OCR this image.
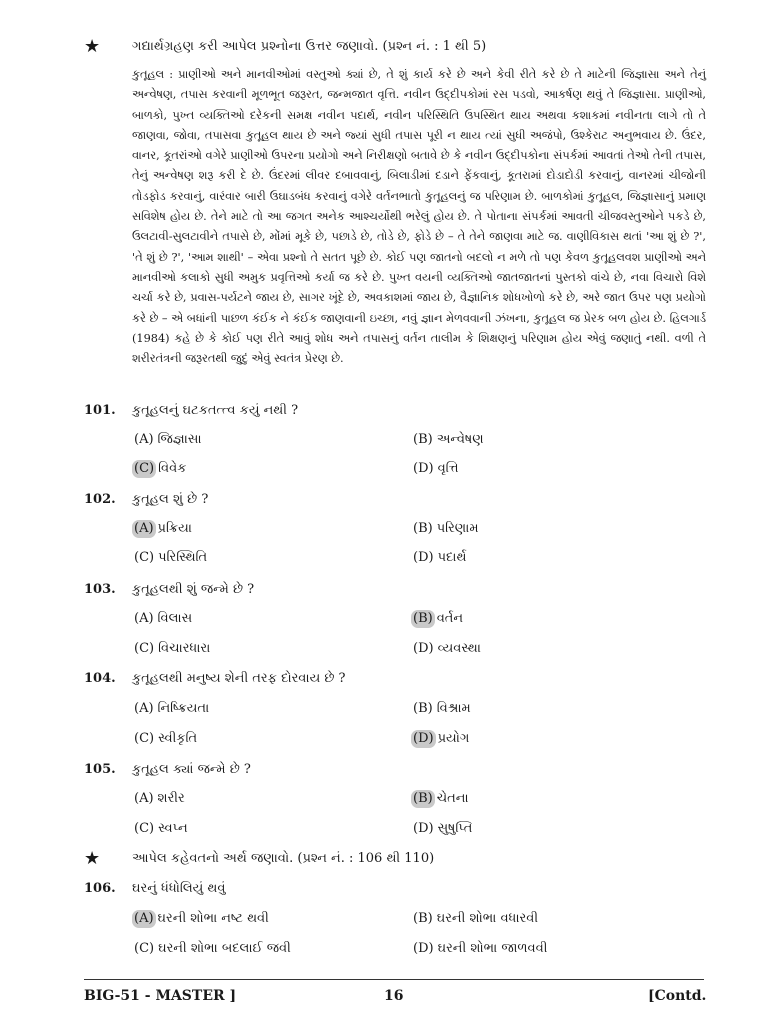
★ ગદ્યાર્થગ્રહણ કરી આપેલ પ્રશ્નોના ઉત્તર જણાવો. (પ્રશ્ન નં. : 1 થી 5)
કુતૂહલ : પ્રાણીઓ અને માનવીઓમાં વસ્તુઓ ક્યાં છે, તે શું કાર્ય કરે છે અને કેવી રીતે કરે છે તે માટેની જિજ્ઞાસા અને તેનું અન્વેષણ, તપાસ કરવાની મૂળભૂત જરૂરત, જન્મજાત વૃત્તિ. નવીન ઉદ્દીપકોમાં રસ પડવો, આકર્ષણ થવું તે જિજ્ઞાસા. પ્રાણીઓ, બાળકો, પુખ્ત વ્યક્તિઓ દરેકની સમક્ષ નવીન પદાર્થ, નવીન પરિસ્થિતિ ઉપસ્થિત થાય અથવા કશાકમાં નવીનતા લાગે તો તે જાણવા, જોવા, તપાસવા કુતૂહલ થાય છે અને જ્યાં સુધી તપાસ પૂરી ન થાય ત્યાં સુધી અજંપો, ઉશ્કેરાટ અનુભવાય છે. ઉંદર, વાનર, કૂતરાંઓ વગેરે પ્રાણીઓ ઉપરના પ્રયોગો અને નિરીક્ષણો બતાવે છે કે નવીન ઉદ્દીપકોના સંપર્કમાં આવતાં તેઓ તેની તપાસ, તેનું અન્વેષણ શરૂ કરી દે છે. ઉંદરમાં લીવર દબાવવાનું, બિલાડીમાં દડાને ફેંકવાનું, કૂતરામાં દોડાદોડી કરવાનું, વાનરમાં ચીજોની તોડફોડ કરવાનું, વારંવાર બારી ઉઘાડબંધ કરવાનું વગેરે વર્તનભાતો કુતૂહલનું જ પરિણામ છે. બાળકોમાં કુતૂહલ, જિજ્ઞાસાનું પ્રમાણ સવિશેષ હોય છે. તેને માટે તો આ જગત અનેક આશ્ચર્યોથી ભરેલું હોય છે. તે પોતાના સંપર્કમાં આવતી ચીજવસ્તુઓને પકડે છે, ઉલટાવી-સુલટાવીને તપાસે છે, મોંમાં મૂકે છે, પછાડે છે, તોડે છે, ફોડે છે – તે તેને જાણવા માટે જ. વાણીવિકાસ થતાં 'આ શું છે ?', 'તે શું છે ?', 'આમ શાથી' – એવા પ્રશ્નો તે સતત પૂછે છે. કોઈ પણ જાતનો બદલો ન મળે તો પણ કેવળ કુતૂહલવશ પ્રાણીઓ અને માનવીઓ કલાકો સુધી અમુક પ્રવૃત્તિઓ કર્યા જ કરે છે. પુખ્ત વયની વ્યક્તિઓ જાતજાતનાં પુસ્તકો વાંચે છે, નવા વિચારો વિશે ચર્ચા કરે છે, પ્રવાસ-પર્યટને જાય છે, સાગર ખૂંદે છે, અવકાશમાં જાય છે, વૈજ્ઞાનિક શોધખોળો કરે છે, અરે જાત ઉપર પણ પ્રયોગો કરે છે – એ બધાંની પાછળ કંઈક ને કંઈક જાણવાની ઇચ્છા, નવું જ્ઞાન મેળવવાની ઝંખના, કુતૂહલ જ પ્રેરક બળ હોય છે. હિલગાર્ડ (1984) કહે છે કે કોઈ પણ રીતે આવું શોધ અને તપાસનું વર્તન તાલીમ કે શિક્ષણનું પરિણામ હોય એવું જણાતું નથી. વળી તે શરીરતંત્રની જરૂરતથી જુદું એવું સ્વતંત્ર પ્રેરણ છે.
101. કુતૂહલનું ઘટકતત્ત્વ કયું નથી ?
(A) જિજ્ઞાસા	(B) અન્વેષણ
(C) વિવેક	(D) વૃત્તિ
102. કુતૂહલ શું છે ?
(A) પ્રક્રિયા	(B) પરિણામ
(C) પરિસ્થિતિ	(D) પદાર્થ
103. કુતૂહલથી શું જન્મે છે ?
(A) વિલાસ	(B) વર્તન
(C) વિચારધારા	(D) વ્યવસ્થા
104. કુતૂહલથી મનુષ્ય શેની તરફ દોરવાય છે ?
(A) નિષ્ક્રિયતા	(B) વિશ્રામ
(C) સ્વીકૃતિ	(D) પ્રયોગ
105. કુતૂહલ ક્યાં જન્મે છે ?
(A) શરીર	(B) ચેતના
(C) સ્વપ્ન	(D) સુષુપ્તિ
★ આપેલ કહેવતનો અર્થ જણાવો. (પ્રશ્ન નં. : 106 થી 110)
106. ઘરનું ધંધોલિયું થવું
(A) ઘરની શોભા નષ્ટ થવી	(B) ઘરની શોભા વધારવી
(C) ઘરની શોભા બદલાઈ જવી	(D) ઘરની શોભા જાળવવી
BIG-51 - MASTER ]	16	[Contd.
